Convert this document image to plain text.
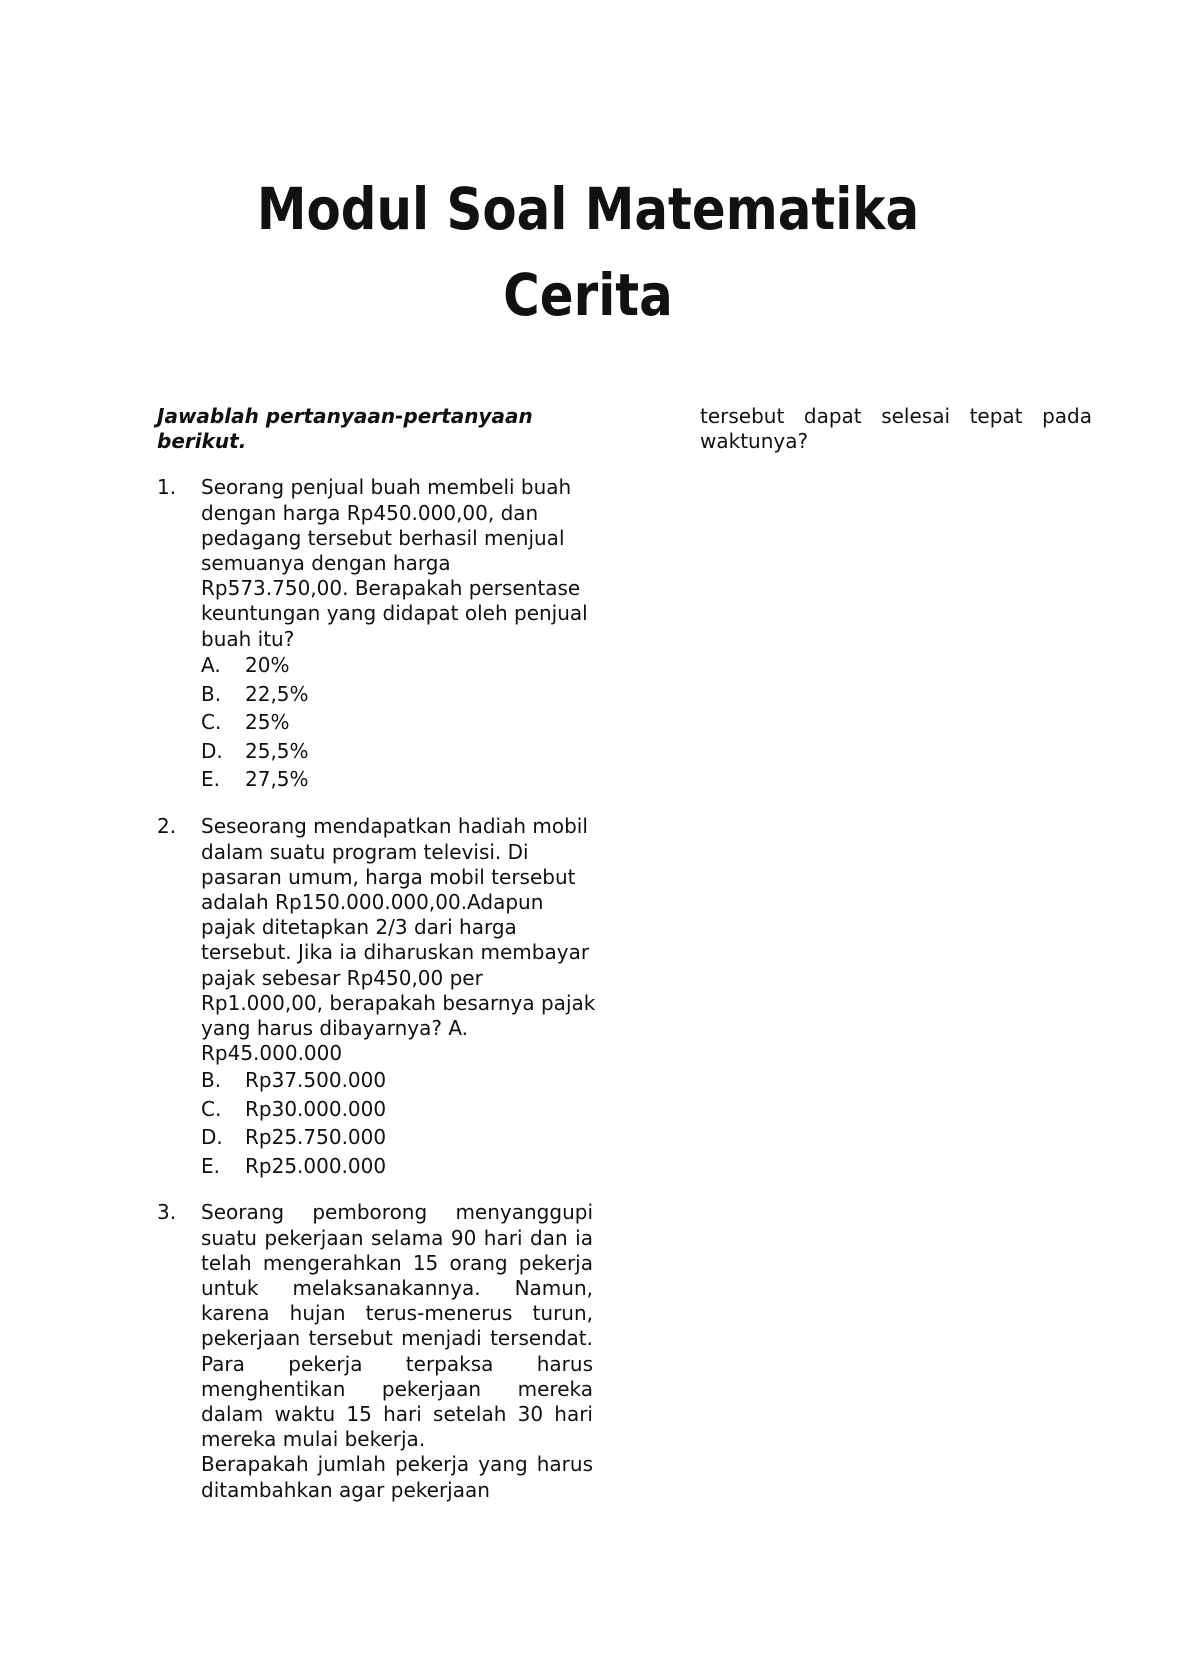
Modul Soal Matematika
Cerita

Jawablah pertanyaan-pertanyaan berikut.

1. Seorang penjual buah membeli buah dengan harga Rp450.000,00, dan pedagang tersebut berhasil menjual semuanya dengan harga Rp573.750,00. Berapakah persentase keuntungan yang didapat oleh penjual buah itu?

A.	20%
B.	22,5%
C.	25%
D.	25,5%
E.	27,5%
2. Seseorang mendapatkan hadiah mobil dalam suatu program televisi. Di pasaran umum, harga mobil tersebut adalah Rp150.000.000,00.Adapun pajak ditetapkan 2/3 dari harga tersebut. Jika ia diharuskan membayar pajak sebesar Rp450,00 per Rp1.000,00, berapakah besarnya pajak yang harus dibayarnya? A. Rp45.000.000

B.	Rp37.500.000
C.	Rp30.000.000
D.	Rp25.750.000
E.	Rp25.000.000
3. Seorang pemborong menyanggupi suatu pekerjaan selama 90 hari dan ia telah mengerahkan 15 orang pekerja untuk melaksanakannya. Namun, karena hujan terus-menerus turun, pekerjaan tersebut menjadi tersendat. Para pekerja terpaksa harus menghentikan pekerjaan mereka dalam waktu 15 hari setelah 30 hari mereka mulai bekerja.

Berapakah jumlah pekerja yang harus ditambahkan agar pekerjaan

tersebut dapat selesai tepat pada waktunya?
